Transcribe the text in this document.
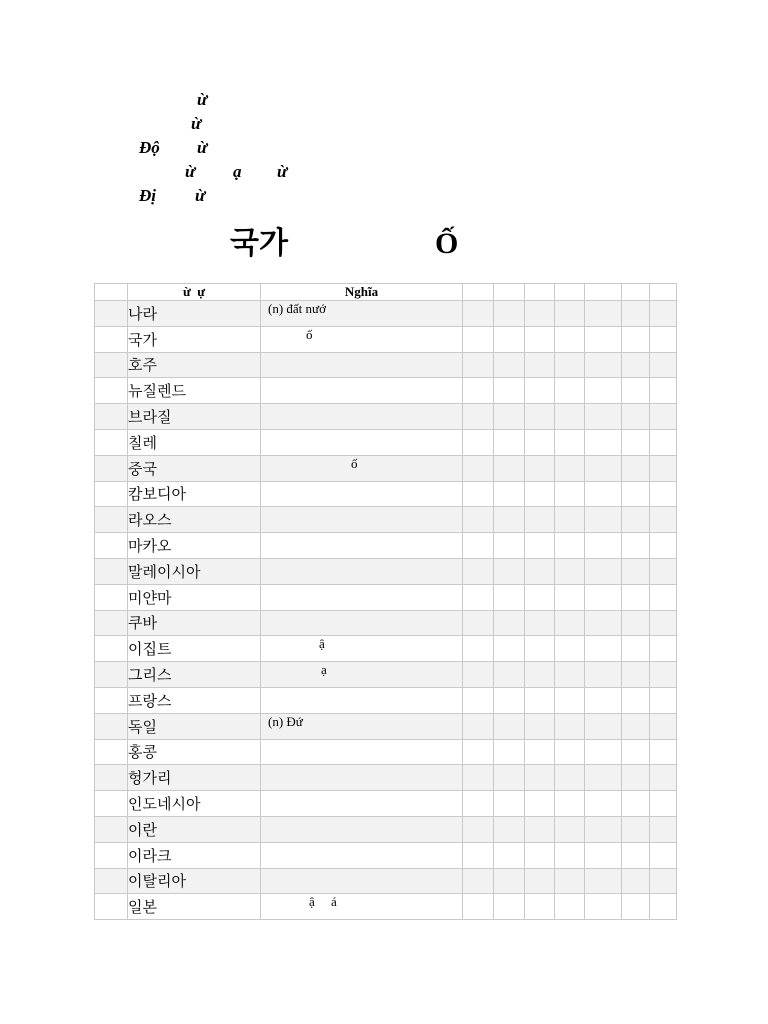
ừ
ừ
Độ ừ
ừ ạ ừ
Đị ừ
국가	Ố
	ừ  ự	Nghĩa							
	나라	(n) đất nướ							
	국가	ố							
	호주								
	뉴질렌드								
	브라질								
	칠레								
	중국	ố							
	캄보디아								
	라오스								
	마카오								
	말레이시아								
	미얀마								
	쿠바								
	이집트	ậ							
	그리스	ạ							
	프랑스								
	독일	(n) Đứ							
	홍콩								
	헝가리								
	인도네시아								
	이란								
	이라크								
	이탈리아								
	일본	ậ     á							
